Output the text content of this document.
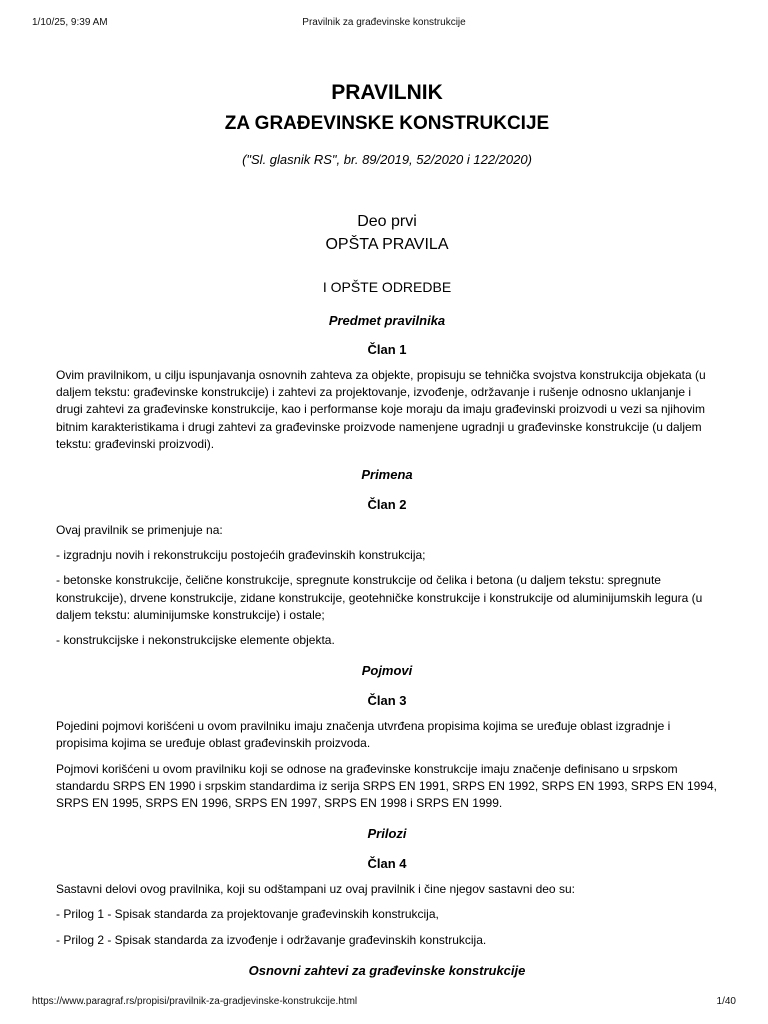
1/10/25, 9:39 AM	Pravilnik za građevinske konstrukcije
PRAVILNIK
ZA GRAĐEVINSKE KONSTRUKCIJE

("Sl. glasnik RS", br. 89/2019, 52/2020 i 122/2020)

Deo prvi

OPŠTA PRAVILA

I OPŠTE ODREDBE

Predmet pravilnika

Član 1

Ovim pravilnikom, u cilju ispunjavanja osnovnih zahteva za objekte, propisuju se tehnička svojstva konstrukcija objekata (u daljem tekstu: građevinske konstrukcije) i zahtevi za projektovanje, izvođenje, održavanje i rušenje odnosno uklanjanje i drugi zahtevi za građevinske konstrukcije, kao i performanse koje moraju da imaju građevinski proizvodi u vezi sa njihovim bitnim karakteristikama i drugi zahtevi za građevinske proizvode namenjene ugradnji u građevinske konstrukcije (u daljem tekstu: građevinski proizvodi).

Primena

Član 2

Ovaj pravilnik se primenjuje na:

- izgradnju novih i rekonstrukciju postojećih građevinskih konstrukcija;

- betonske konstrukcije, čelične konstrukcije, spregnute konstrukcije od čelika i betona (u daljem tekstu: spregnute konstrukcije), drvene konstrukcije, zidane konstrukcije, geotehničke konstrukcije i konstrukcije od aluminijumskih legura (u daljem tekstu: aluminijumske konstrukcije) i ostale;

- konstrukcijske i nekonstrukcijske elemente objekta.

Pojmovi

Član 3

Pojedini pojmovi korišćeni u ovom pravilniku imaju značenja utvrđena propisima kojima se uređuje oblast izgradnje i propisima kojima se uređuje oblast građevinskih proizvoda.

Pojmovi korišćeni u ovom pravilniku koji se odnose na građevinske konstrukcije imaju značenje definisano u srpskom standardu SRPS EN 1990 i srpskim standardima iz serija SRPS EN 1991, SRPS EN 1992, SRPS EN 1993, SRPS EN 1994, SRPS EN 1995, SRPS EN 1996, SRPS EN 1997, SRPS EN 1998 i SRPS EN 1999.

Prilozi

Član 4

Sastavni delovi ovog pravilnika, koji su odštampani uz ovaj pravilnik i čine njegov sastavni deo su:

- Prilog 1 - Spisak standarda za projektovanje građevinskih konstrukcija,

- Prilog 2 - Spisak standarda za izvođenje i održavanje građevinskih konstrukcija.

Osnovni zahtevi za građevinske konstrukcije

https://www.paragraf.rs/propisi/pravilnik-za-gradjevinske-konstrukcije.html	1/40
